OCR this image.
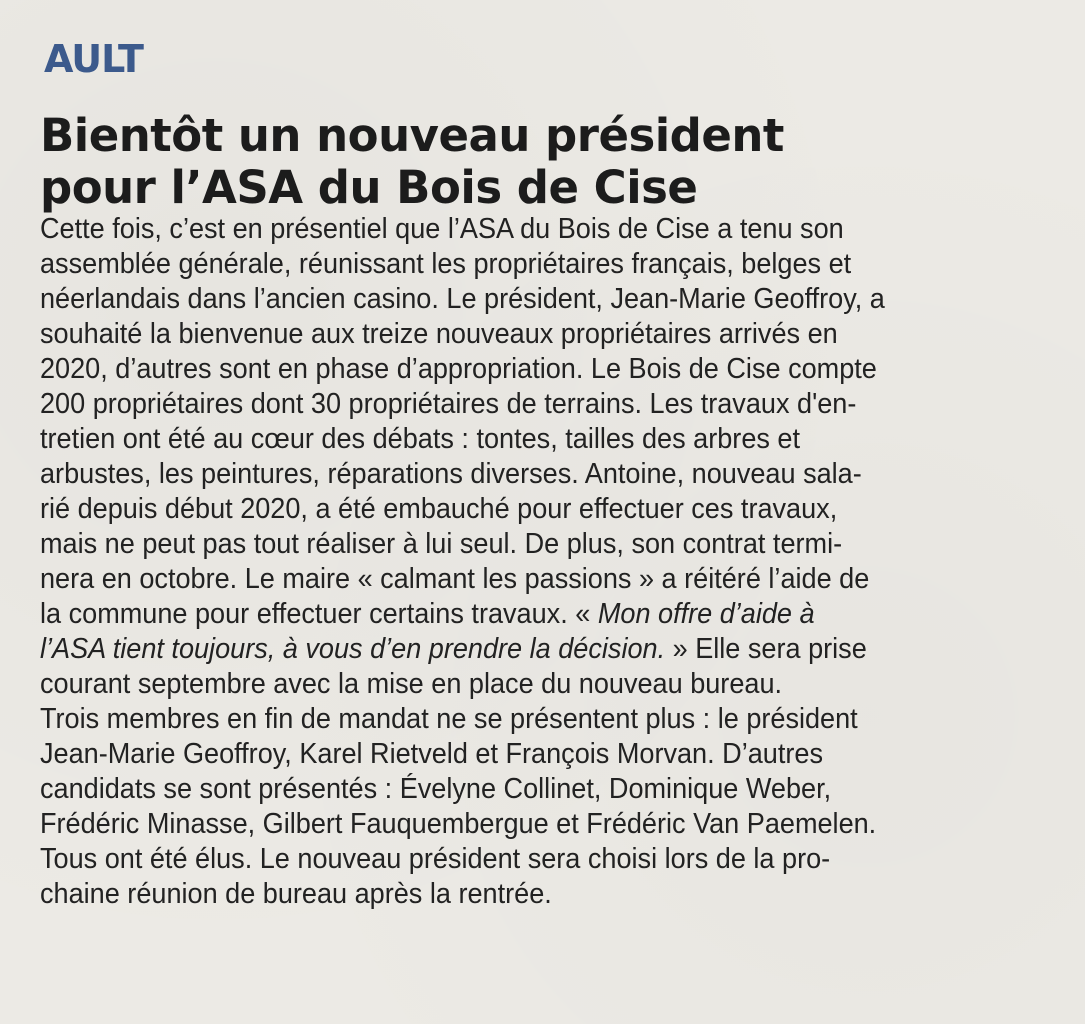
AULT
Bientôt un nouveau président
pour l’ASA du Bois de Cise
Cette fois, c’est en présentiel que l’ASA du Bois de Cise a tenu son
assemblée générale, réunissant les propriétaires français, belges et
néerlandais dans l’ancien casino. Le président, Jean-Marie Geoffroy, a
souhaité la bienvenue aux treize nouveaux propriétaires arrivés en
2020, d’autres sont en phase d’appropriation. Le Bois de Cise compte
200 propriétaires dont 30 propriétaires de terrains. Les travaux d'en-
tretien ont été au cœur des débats : tontes, tailles des arbres et
arbustes, les peintures, réparations diverses. Antoine, nouveau sala-
rié depuis début 2020, a été embauché pour effectuer ces travaux,
mais ne peut pas tout réaliser à lui seul. De plus, son contrat termi-
nera en octobre. Le maire « calmant les passions » a réitéré l’aide de
la commune pour effectuer certains travaux. « Mon offre d’aide à
l’ASA tient toujours, à vous d’en prendre la décision. » Elle sera prise
courant septembre avec la mise en place du nouveau bureau.
Trois membres en fin de mandat ne se présentent plus : le président
Jean-Marie Geoffroy, Karel Rietveld et François Morvan. D’autres
candidats se sont présentés : Évelyne Collinet, Dominique Weber,
Frédéric Minasse, Gilbert Fauquembergue et Frédéric Van Paemelen.
Tous ont été élus. Le nouveau président sera choisi lors de la pro-
chaine réunion de bureau après la rentrée.
